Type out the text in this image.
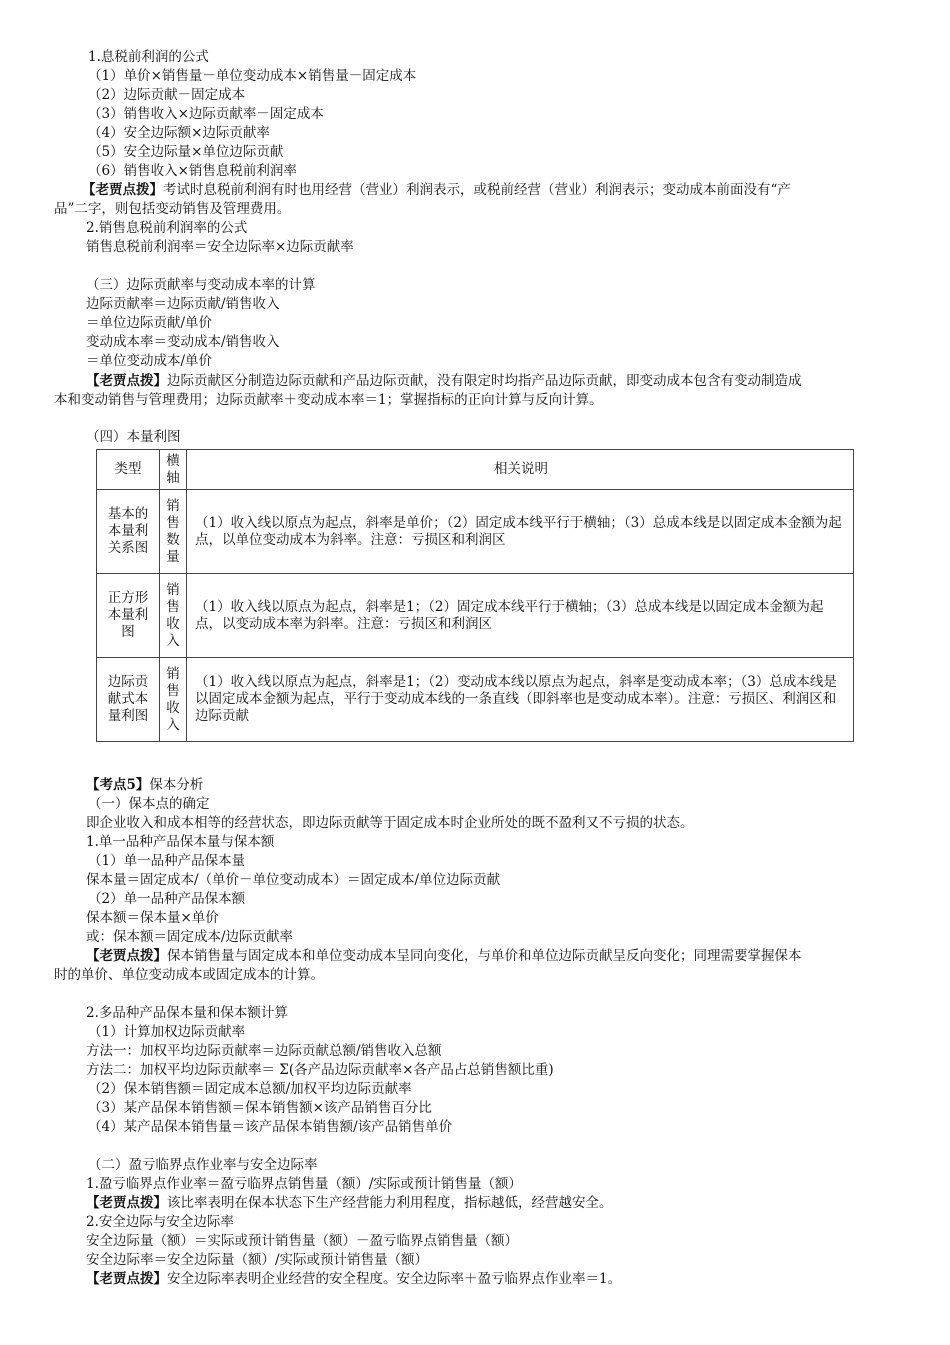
1.息税前利润的公式
（1）单价×销售量－单位变动成本×销售量－固定成本
（2）边际贡献－固定成本
（3）销售收入×边际贡献率－固定成本
（4）安全边际额×边际贡献率
（5）安全边际量×单位边际贡献
（6）销售收入×销售息税前利润率
【老贾点拨】考试时息税前利润有时也用经营（营业）利润表示，或税前经营（营业）利润表示；变动成本前面没有“产
品”二字，则包括变动销售及管理费用。
2.销售息税前利润率的公式
销售息税前利润率＝安全边际率×边际贡献率
（三）边际贡献率与变动成本率的计算
边际贡献率＝边际贡献/销售收入
＝单位边际贡献/单价
变动成本率＝变动成本/销售收入
＝单位变动成本/单价
【老贾点拨】边际贡献区分制造边际贡献和产品边际贡献，没有限定时均指产品边际贡献，即变动成本包含有变动制造成
本和变动销售与管理费用；边际贡献率＋变动成本率＝1；掌握指标的正向计算与反向计算。
（四）本量利图
类型	横轴	相关说明
基本的本量利关系图	销售数量	（1）收入线以原点为起点，斜率是单价；（2）固定成本线平行于横轴；（3）总成本线是以固定成本金额为起点，以单位变动成本为斜率。注意：亏损区和利润区
正方形本量利图	销售收入	（1）收入线以原点为起点，斜率是1；（2）固定成本线平行于横轴；（3）总成本线是以固定成本金额为起点，以变动成本率为斜率。注意：亏损区和利润区
边际贡献式本量利图	销售收入	（1）收入线以原点为起点，斜率是1；（2）变动成本线以原点为起点，斜率是变动成本率；（3）总成本线是以固定成本金额为起点，平行于变动成本线的一条直线（即斜率也是变动成本率）。注意：亏损区、利润区和边际贡献
【考点5】保本分析
（一）保本点的确定
即企业收入和成本相等的经营状态，即边际贡献等于固定成本时企业所处的既不盈利又不亏损的状态。
1.单一品种产品保本量与保本额
（1）单一品种产品保本量
保本量＝固定成本/（单价－单位变动成本）＝固定成本/单位边际贡献
（2）单一品种产品保本额
保本额＝保本量×单价
或：保本额＝固定成本/边际贡献率
【老贾点拨】保本销售量与固定成本和单位变动成本呈同向变化，与单价和单位边际贡献呈反向变化；同理需要掌握保本
时的单价、单位变动成本或固定成本的计算。
2.多品种产品保本量和保本额计算
（1）计算加权边际贡献率
方法一：加权平均边际贡献率＝边际贡献总额/销售收入总额
方法二：加权平均边际贡献率＝ Σ(各产品边际贡献率×各产品占总销售额比重)
（2）保本销售额＝固定成本总额/加权平均边际贡献率
（3）某产品保本销售额＝保本销售额×该产品销售百分比
（4）某产品保本销售量＝该产品保本销售额/该产品销售单价
（二）盈亏临界点作业率与安全边际率
1.盈亏临界点作业率＝盈亏临界点销售量（额）/实际或预计销售量（额）
【老贾点拨】该比率表明在保本状态下生产经营能力利用程度，指标越低，经营越安全。
2.安全边际与安全边际率
安全边际量（额）＝实际或预计销售量（额）－盈亏临界点销售量（额）
安全边际率＝安全边际量（额）/实际或预计销售量（额）
【老贾点拨】安全边际率表明企业经营的安全程度。安全边际率＋盈亏临界点作业率＝1。
